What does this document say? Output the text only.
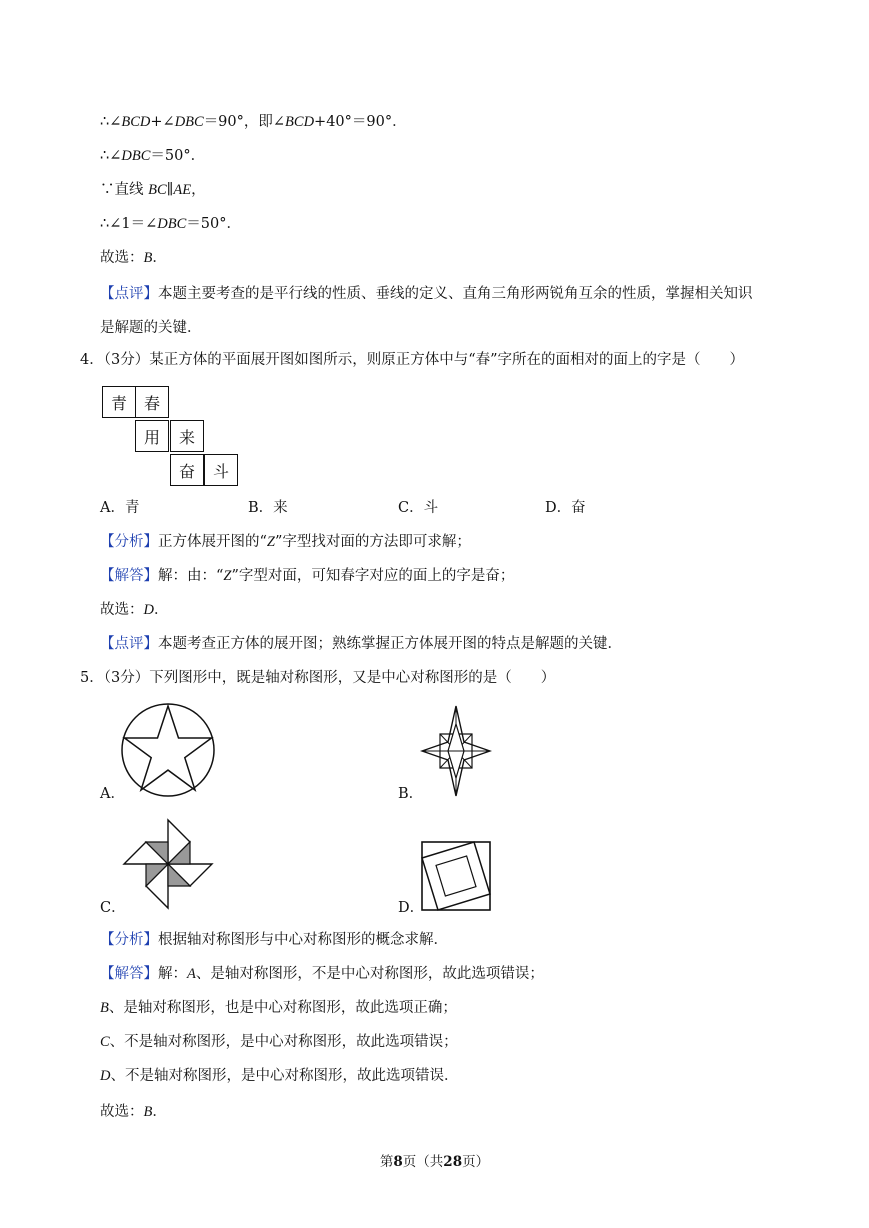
∴∠BCD+∠DBC＝90°，即∠BCD+40°＝90°．
∴∠DBC＝50°．
∵直线 BC∥AE，
∴∠1＝∠DBC＝50°．
故选：B．
【点评】本题主要考查的是平行线的性质、垂线的定义、直角三角形两锐角互余的性质，掌握相关知识
是解题的关键．
4．（3分）某正方体的平面展开图如图所示，则原正方体中与“春”字所在的面相对的面上的字是（　　）
青	春
用	来
奋	斗
A．青	B．来	C．斗	D．奋
【分析】正方体展开图的“Z”字型找对面的方法即可求解；
【解答】解：由：“Z”字型对面，可知春字对应的面上的字是奋；
故选：D．
【点评】本题考查正方体的展开图；熟练掌握正方体展开图的特点是解题的关键．
5．（3分）下列图形中，既是轴对称图形，又是中心对称图形的是（　　）
A．	B．
C．	D．
【分析】根据轴对称图形与中心对称图形的概念求解．
【解答】解：A、是轴对称图形，不是中心对称图形，故此选项错误；
B、是轴对称图形，也是中心对称图形，故此选项正确；
C、不是轴对称图形，是中心对称图形，故此选项错误；
D、不是轴对称图形，是中心对称图形，故此选项错误．
故选：B．
第8页（共28页）
